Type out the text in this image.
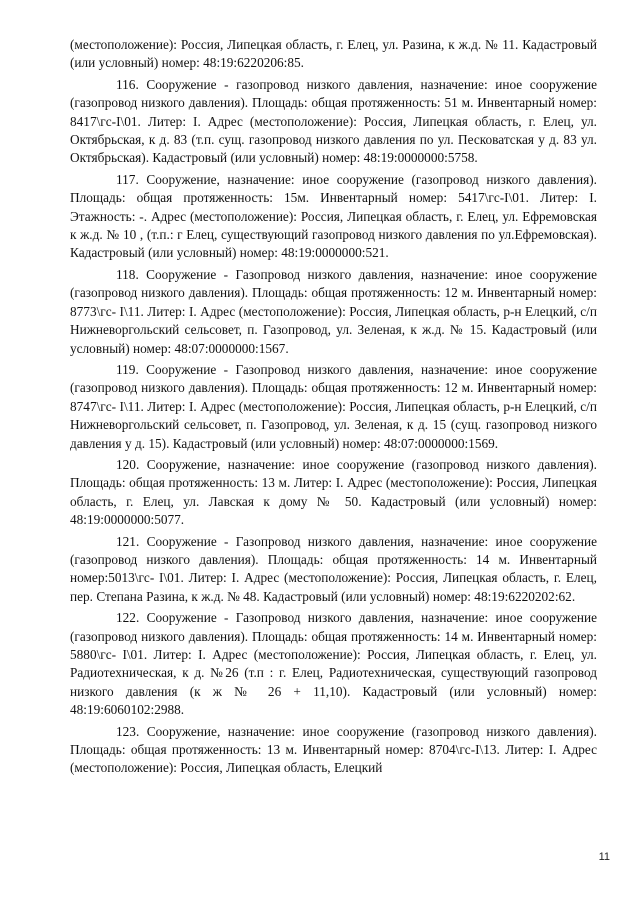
(местоположение): Россия, Липецкая область, г. Елец, ул. Разина, к ж.д. № 11. Кадастровый (или условный) номер: 48:19:6220206:85.

116. Сооружение - газопровод низкого давления, назначение: иное сооружение (газопровод низкого давления). Площадь: общая протяженность: 51 м. Инвентарный номер: 8417\гс-I\01. Литер: I. Адрес (местоположение): Россия, Липецкая область, г. Елец, ул. Октябрьская, к д. 83 (т.п. сущ. газопровод низкого давления по ул. Песковатская у д. 83 ул. Октябрьская). Кадастровый (или условный) номер: 48:19:0000000:5758.

117. Сооружение, назначение: иное сооружение (газопровод низкого давления). Площадь: общая протяженность: 15м. Инвентарный номер: 5417\гс-I\01. Литер: I. Этажность: -. Адрес (местоположение): Россия, Липецкая область, г. Елец, ул. Ефремовская к ж.д. № 10 , (т.п.: г Елец, существующий газопровод низкого давления по ул.Ефремовская). Кадастровый (или условный) номер: 48:19:0000000:521.

118. Сооружение - Газопровод низкого давления, назначение: иное сооружение (газопровод низкого давления). Площадь: общая протяженность: 12 м. Инвентарный номер: 8773\гс- I\11. Литер: I. Адрес (местоположение): Россия, Липецкая область, р-н Елецкий, с/п Нижневоргольский сельсовет, п. Газопровод, ул. Зеленая, к ж.д. № 15. Кадастровый (или условный) номер: 48:07:0000000:1567.

119. Сооружение - Газопровод низкого давления, назначение: иное сооружение (газопровод низкого давления). Площадь: общая протяженность: 12 м. Инвентарный номер: 8747\гс- I\11. Литер: I. Адрес (местоположение): Россия, Липецкая область, р-н Елецкий, с/п Нижневоргольский сельсовет, п. Газопровод, ул. Зеленая, к д. 15 (сущ. газопровод низкого давления у д. 15). Кадастровый (или условный) номер: 48:07:0000000:1569.

120. Сооружение, назначение: иное сооружение (газопровод низкого давления). Площадь: общая протяженность: 13 м. Литер: I. Адрес (местоположение): Россия, Липецкая область, г. Елец, ул. Лавская к дому № 50. Кадастровый (или условный) номер: 48:19:0000000:5077.

121. Сооружение - Газопровод низкого давления, назначение: иное сооружение (газопровод низкого давления). Площадь: общая протяженность: 14 м. Инвентарный номер:5013\гс- I\01. Литер: I. Адрес (местоположение): Россия, Липецкая область, г. Елец, пер. Степана Разина, к ж.д. № 48. Кадастровый (или условный) номер: 48:19:6220202:62.

122. Сооружение - Газопровод низкого давления, назначение: иное сооружение (газопровод низкого давления). Площадь: общая протяженность: 14 м. Инвентарный номер: 5880\гс- I\01. Литер: I. Адрес (местоположение): Россия, Липецкая область, г. Елец, ул. Радиотехническая, к д. №26 (т.п : г. Елец, Радиотехническая, существующий газопровод низкого давления (к ж № 26 + 11,10). Кадастровый (или условный) номер: 48:19:6060102:2988.

123. Сооружение, назначение: иное сооружение (газопровод низкого давления). Площадь: общая протяженность: 13 м. Инвентарный номер: 8704\гс-I\13. Литер: I. Адрес (местоположение): Россия, Липецкая область, Елецкий

11
